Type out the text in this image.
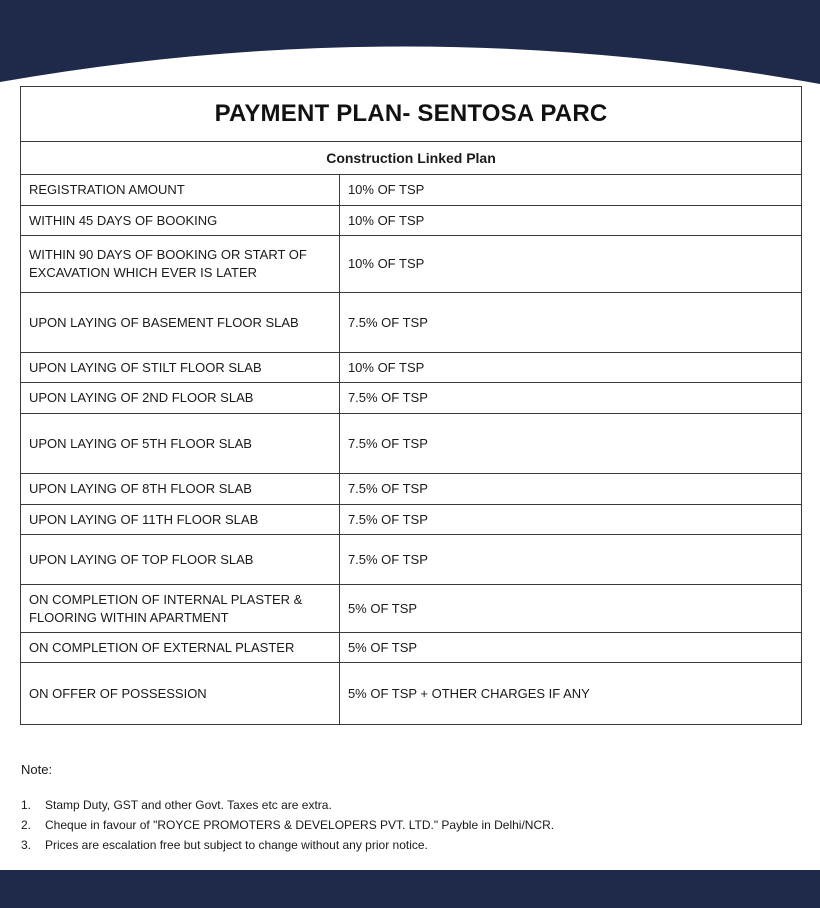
PAYMENT PLAN- SENTOSA PARC	
Construction Linked Plan	
REGISTRATION AMOUNT	10% OF TSP
WITHIN 45 DAYS OF BOOKING	10% OF TSP
WITHIN 90 DAYS OF BOOKING OR START OF EXCAVATION WHICH EVER IS LATER	10% OF TSP
UPON LAYING OF BASEMENT FLOOR SLAB	7.5% OF TSP
UPON LAYING OF STILT FLOOR SLAB	10% OF TSP
UPON LAYING OF 2ND FLOOR SLAB	7.5% OF TSP
UPON LAYING OF 5TH FLOOR SLAB	7.5% OF TSP
UPON LAYING OF 8TH FLOOR SLAB	7.5% OF TSP
UPON LAYING OF 11TH FLOOR SLAB	7.5% OF TSP
UPON LAYING OF TOP FLOOR SLAB	7.5% OF TSP
ON COMPLETION OF INTERNAL PLASTER & FLOORING WITHIN APARTMENT	5% OF TSP
ON COMPLETION OF EXTERNAL PLASTER	5% OF TSP
ON OFFER OF POSSESSION	5% OF TSP + OTHER CHARGES IF ANY
Note:
1.	Stamp Duty, GST and other Govt. Taxes etc are extra.
2.	Cheque in favour of "ROYCE PROMOTERS & DEVELOPERS PVT. LTD." Payble in Delhi/NCR.
3.	Prices are escalation free but subject to change without any prior notice.
